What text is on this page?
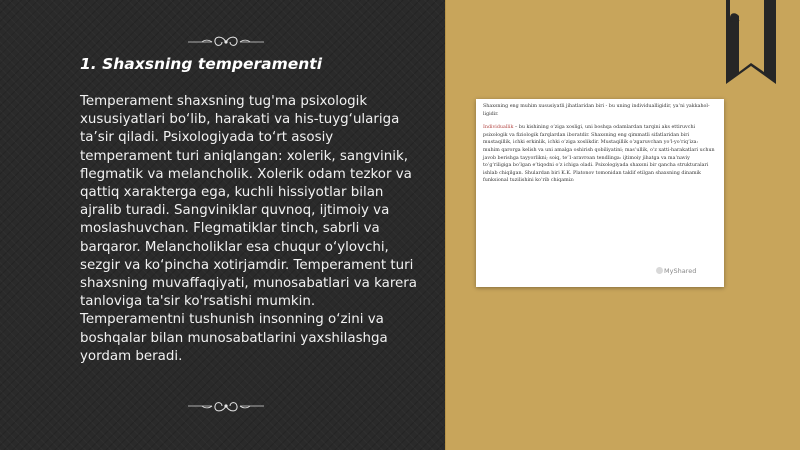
1. Shaxsning temperamenti

Temperament shaxsning tug'ma psixologik xususiyatlari bo‘lib, harakati va his-tuyg‘ulariga ta’sir qiladi. Psixologiyada to‘rt asosiy temperament turi aniqlangan: xolerik, sangvinik, flegmatik va melancholik. Xolerik odam tezkor va qattiq xarakterga ega, kuchli hissiyotlar bilan ajralib turadi. Sangviniklar quvnoq, ijtimoiy va moslashuvchan. Flegmatiklar tinch, sabrli va barqaror. Melancholiklar esa chuqur o‘ylovchi, sezgir va ko‘pincha xotirjamdir. Temperament turi shaxsning muvaffaqiyati, munosabatlari va karera tanloviga ta'sir ko'rsatishi mumkin. Temperamentni tushunish insonning o‘zini va boshqalar bilan munosabatlarini yaxshilashga yordam beradi.

Shaxsning eng muhim xususiyatli jihatlaridan biri - bu uning individualligidir, ya’ni yakkaholligidir.

Individuallik – bu kishining o‘ziga xosligi, uni boshqa odamlardan tarqini aks ettiruvchi psixologik va fiziologik farqlardan iboratdir. Shaxsning eng qimmatli sifatlaridan biri mustaqillik, ichki erkinlik, ichki o‘ziga xoslikdir. Mustaqillik o‘zgaruvchan yo‘l-yo‘riq‘iza: muhim qarorga kelish va uni amalga oshirish qobiliyatini; mas’ullik, o‘z xatti-harakatlari uchun javob berishga tayyorlikni; soiq, te‘1-aravroan tendlinga: ijtimoiy jihatga va ma’naviy to‘g‘riligiga bo‘lgan e’tiqodni o‘z ichiga oladi. Psixologiyada shaxsni bir qancha strukturalari ishlab chiqilgan. Shulardan biri K.K. Platonov tomonidan taklif etilgan shaxsning dinamik funksional tuzilishini ko‘rib chiqamiz:

MyShared
